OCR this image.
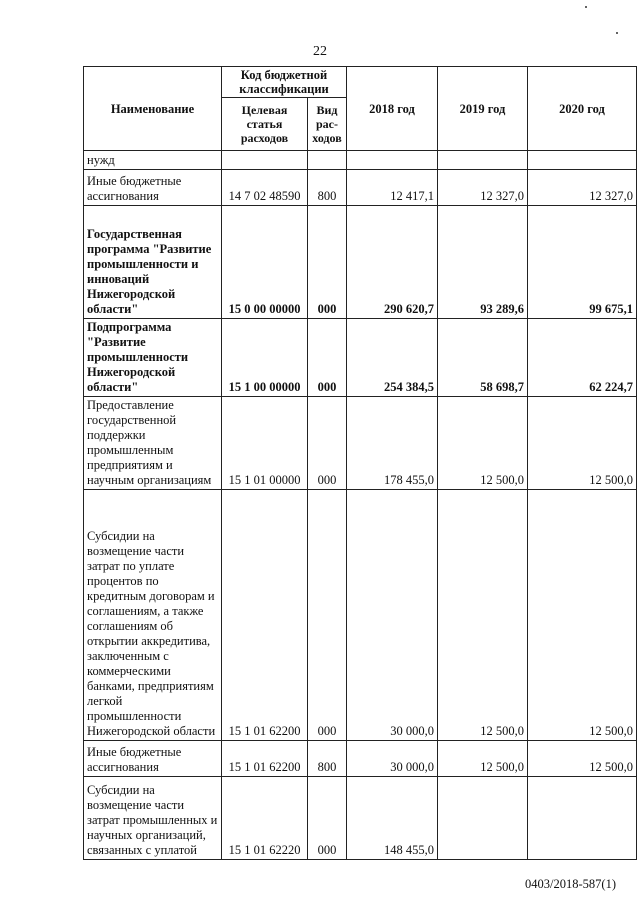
22
Наименование	Код бюджетной классификации		2018 год	2019 год	2020 год
	Целевая статья расходов	Вид рас-ходов			
нужд					
Иные бюджетные ассигнования	14 7 02 48590	800	12 417,1	12 327,0	12 327,0
Государственная программа "Развитие промышленности и инноваций Нижегородской области"	15 0 00 00000	000	290 620,7	93 289,6	99 675,1
Подпрограмма "Развитие промышленности Нижегородской области"	15 1 00 00000	000	254 384,5	58 698,7	62 224,7
Предоставление государственной поддержки промышленным предприятиям и научным организациям	15 1 01 00000	000	178 455,0	12 500,0	12 500,0
Субсидии на возмещение части затрат по уплате процентов по кредитным договорам и соглашениям, а также соглашениям об открытии аккредитива, заключенным с коммерческими банками, предприятиям легкой промышленности Нижегородской области	15 1 01 62200	000	30 000,0	12 500,0	12 500,0
Иные бюджетные ассигнования	15 1 01 62200	800	30 000,0	12 500,0	12 500,0
Субсидии на возмещение части затрат промышленных и научных организаций, связанных с уплатой	15 1 01 62220	000	148 455,0		
0403/2018-587(1)
